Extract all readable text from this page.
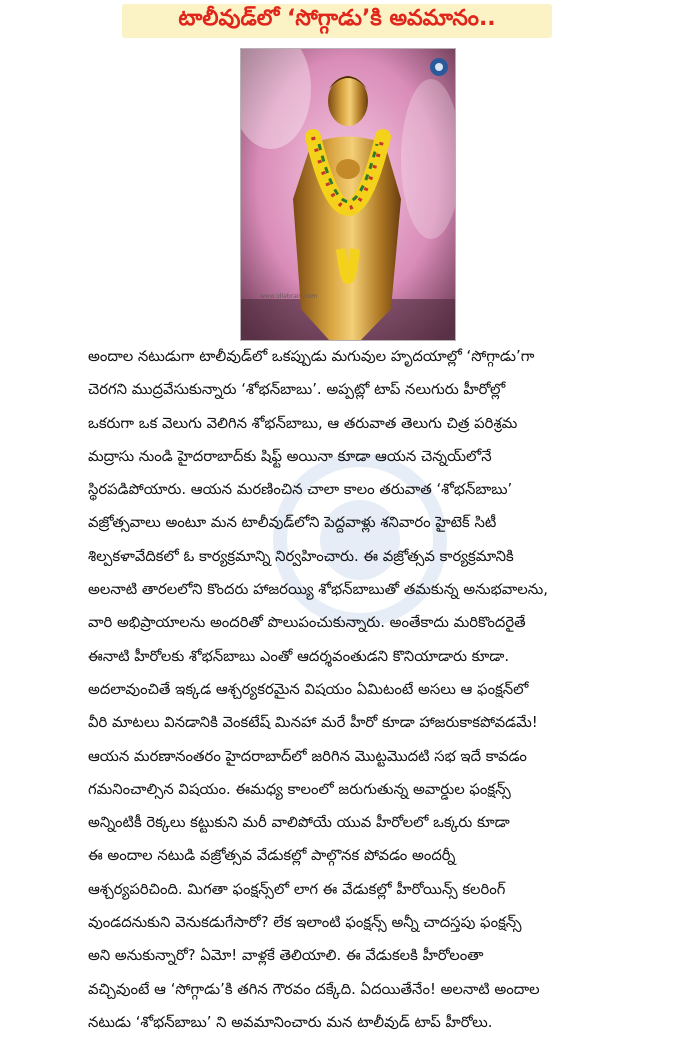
టాలీవుడ్‌లో ‘సోగ్గాడు’కి అవమానం..
www.idlebrain.com
అందాల నటుడుగా టాలీవుడ్‌లో ఒకప్పుడు మగువుల హృదయాల్లో ‘సోగ్గాడు’గా
చెరగని ముద్రవేసుకున్నారు ‘శోభన్‌బాబు’. అప్పట్లో టాప్ నలుగురు హీరోల్లో
ఒకరుగా ఒక వెలుగు వెలిగిన శోభన్‌బాబు, ఆ తరువాత తెలుగు చిత్ర పరిశ్రమ
మద్రాసు నుండి హైదరాబాద్‌కు షిఫ్ట్ అయినా కూడా ఆయన చెన్నయ్‌లోనే
స్థిరపడిపోయారు. ఆయన మరణించిన చాలా కాలం తరువాత ‘శోభన్‌బాబు’
వజ్రోత్సవాలు అంటూ మన టాలీవుడ్‌లోని పెద్దవాళ్లు శనివారం హైటెక్ సిటీ
శిల్పకళావేదికలో ఓ కార్యక్రమాన్ని నిర్వహించారు. ఈ వజ్రోత్సవ కార్యక్రమానికి
అలనాటి తారలలోని కొందరు హాజరయ్యి శోభన్‌బాబుతో తమకున్న అనుభవాలను,
వారి అభిప్రాయాలను అందరితో పొలుపంచుకున్నారు. అంతేకాదు మరికొందరైతే
ఈనాటి హీరోలకు శోభన్‌బాబు ఎంతో ఆదర్శవంతుడని కొనియాడారు కూడా.
అదలావుంచితే ఇక్కడ ఆశ్చర్యకరమైన విషయం ఏమిటంటే అసలు ఆ ఫంక్షన్‌లో
వీరి మాటలు వినడానికి వెంకటేష్ మినహా మరే హీరో కూడా హాజరుకాకపోవడమే!
ఆయన మరణానంతరం హైదరాబాద్‌లో జరిగిన మొట్టమొదటి సభ ఇదే కావడం
గమనించాల్సిన విషయం. ఈమధ్య కాలంలో జరుగుతున్న అవార్డుల ఫంక్షన్స్
అన్నింటికీ రెక్కలు కట్టుకుని మరీ వాలిపోయే యువ హీరోలలో ఒక్కరు కూడా
ఈ అందాల నటుడి వజ్రోత్సవ వేడుకల్లో పాల్గొనక పోవడం అందర్నీ
ఆశ్చర్యపరిచింది. మిగతా ఫంక్షన్స్‌లో లాగ ఈ వేడుకల్లో హీరోయిన్స్ కలరింగ్
వుండదనుకుని వెనుకడుగేసారో? లేక ఇలాంటి ఫంక్షన్స్ అన్నీ చాదస్తపు ఫంక్షన్స్
అని అనుకున్నారో? ఏమో! వాళ్లకే తెలియాలి. ఈ వేడుకలకి హీరోలంతా
వచ్చివుంటే ఆ ‘సోగ్గాడు’కి తగిన గౌరవం దక్కేది. ఏదయితేనేం! అలనాటి అందాల
నటుడు ‘శోభన్‌బాబు’ ని అవమానించారు మన టాలీవుడ్ టాప్ హీరోలు.
